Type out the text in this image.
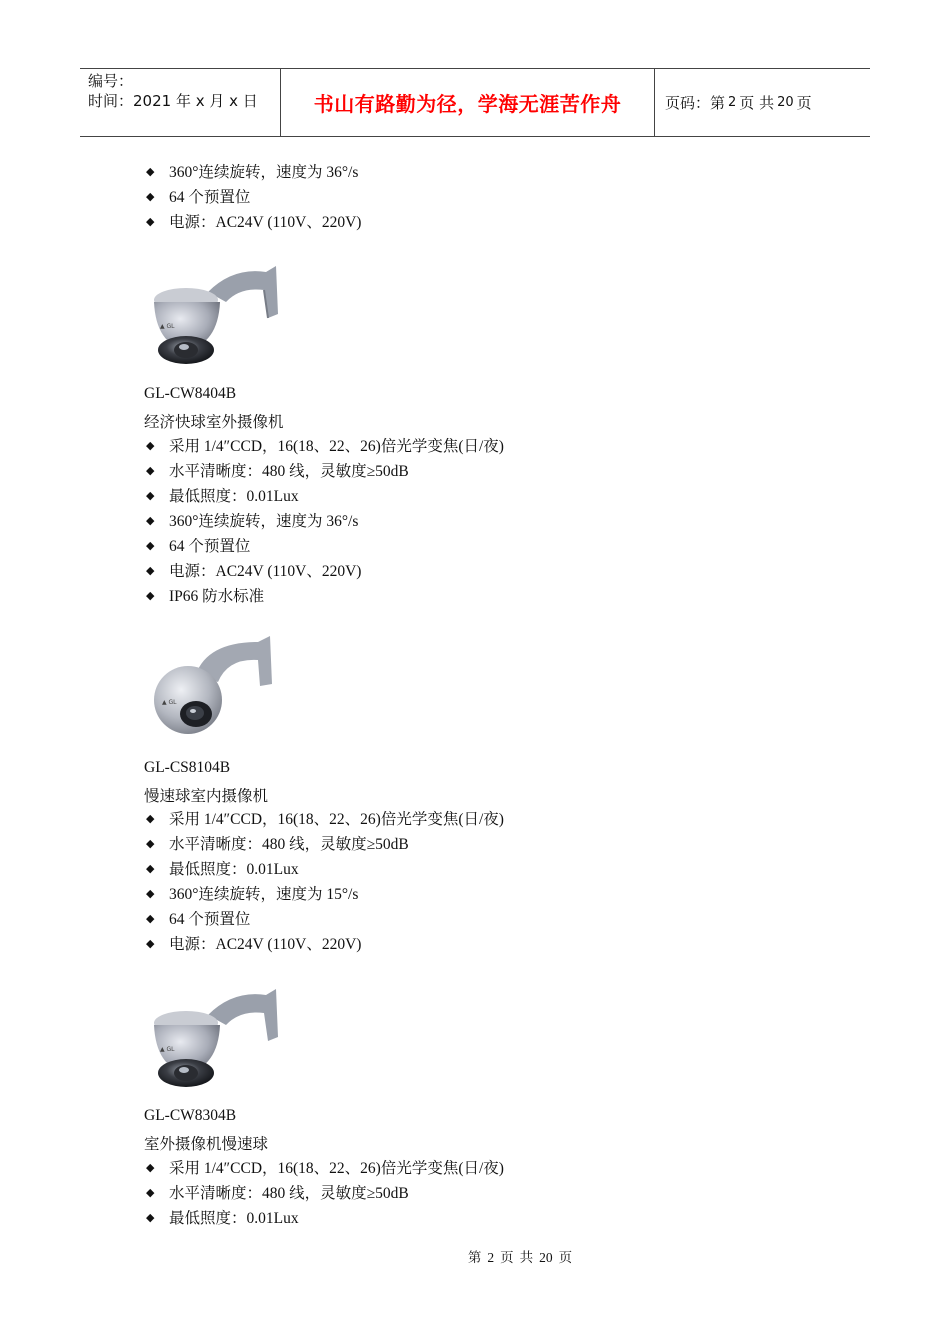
编号：
时间：2021 年 x 月 x 日	书山有路勤为径，学海无涯苦作舟	页码：第 2 页 共 20 页
◆ 360°连续旋转，速度为 36°/s
◆ 64 个预置位
◆ 电源：AC24V (110V、220V)
▲ GL
GL-CW8404B
经济快球室外摄像机
◆ 采用 1/4″CCD，16(18、22、26)倍光学变焦(日/夜)
◆ 水平清晰度：480 线，灵敏度≥50dB
◆ 最低照度：0.01Lux
◆ 360°连续旋转，速度为 36°/s
◆ 64 个预置位
◆ 电源：AC24V (110V、220V)
◆ IP66 防水标准
▲ GL
GL-CS8104B
慢速球室内摄像机
◆ 采用 1/4″CCD，16(18、22、26)倍光学变焦(日/夜)
◆ 水平清晰度：480 线，灵敏度≥50dB
◆ 最低照度：0.01Lux
◆ 360°连续旋转，速度为 15°/s
◆ 64 个预置位
◆ 电源：AC24V (110V、220V)
▲ GL
GL-CW8304B
室外摄像机慢速球
◆ 采用 1/4″CCD，16(18、22、26)倍光学变焦(日/夜)
◆ 水平清晰度：480 线，灵敏度≥50dB
◆ 最低照度：0.01Lux
第 2 页 共 20 页
